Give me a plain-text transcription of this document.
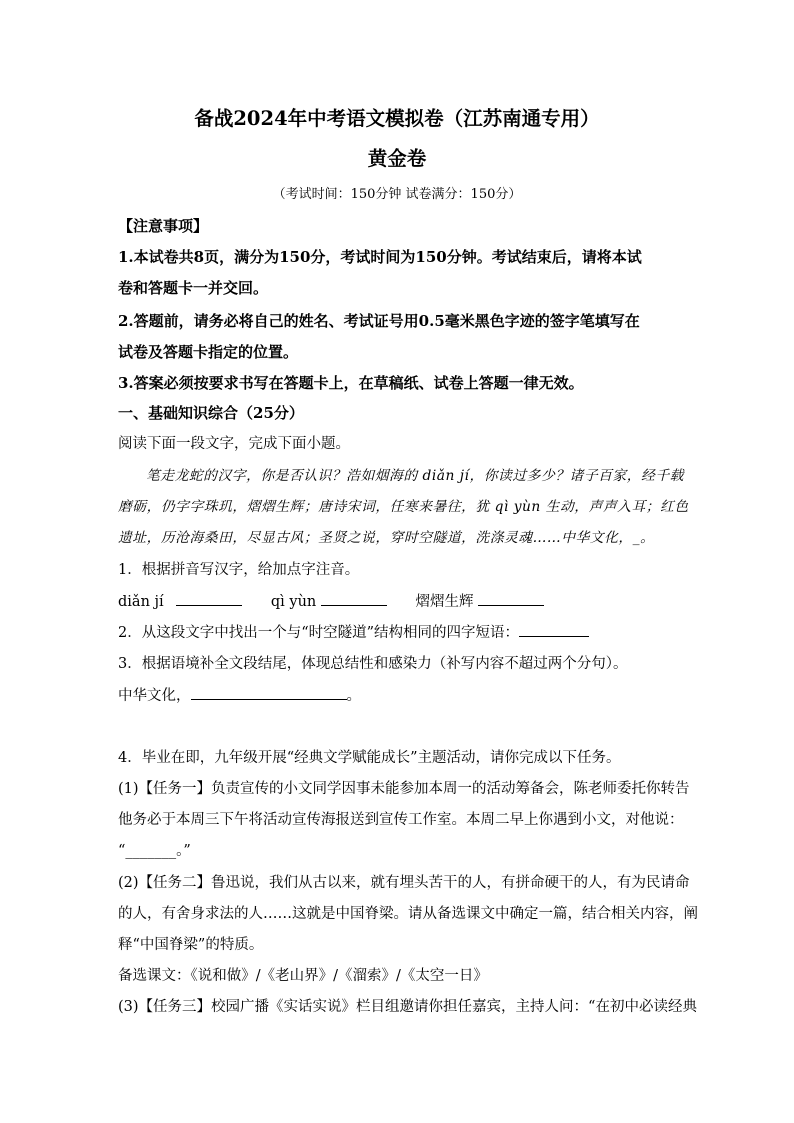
备战2024年中考语文模拟卷（江苏南通专用）
黄金卷
（考试时间：150分钟 试卷满分：150分）
【注意事项】
1.本试卷共8页，满分为150分，考试时间为150分钟。考试结束后，请将本试
卷和答题卡一并交回。
2.答题前，请务必将自己的姓名、考试证号用0.5毫米黑色字迹的签字笔填写在
试卷及答题卡指定的位置。
3.答案必须按要求书写在答题卡上，在草稿纸、试卷上答题一律无效。
一、基础知识综合（25分）
阅读下面一段文字，完成下面小题。
笔走龙蛇的汉字，你是否认识？浩如烟海的 diǎn jí，你读过多少？诸子百家，经千载
磨砺，仍字字珠玑，熠熠生辉；唐诗宋词，任寒来暑往，犹 qì yùn 生动，声声入耳；红色
遗址，历沧海桑田，尽显古风；圣贤之说，穿时空隧道，洗涤灵魂……中华文化，_。
1．根据拼音写汉字，给加点字注音。
diǎn jí	qì yùn	熠熠生辉
2．从这段文字中找出一个与“时空隧道”结构相同的四字短语：
3．根据语境补全文段结尾，体现总结性和感染力（补写内容不超过两个分句）。
中华文化，	。
4．毕业在即，九年级开展“经典文学赋能成长”主题活动，请你完成以下任务。
(1)【任务一】负责宣传的小文同学因事未能参加本周一的活动筹备会，陈老师委托你转告
他务必于本周三下午将活动宣传海报送到宣传工作室。本周二早上你遇到小文，对他说：
“_______。”
(2)【任务二】鲁迅说，我们从古以来，就有埋头苦干的人，有拼命硬干的人，有为民请命
的人，有舍身求法的人……这就是中国脊梁。请从备选课文中确定一篇，结合相关内容，阐
释“中国脊梁”的特质。
备选课文：《说和做》/《老山界》/《溜索》/《太空一日》
(3)【任务三】校园广播《实话实说》栏目组邀请你担任嘉宾，主持人问：“在初中必读经典
